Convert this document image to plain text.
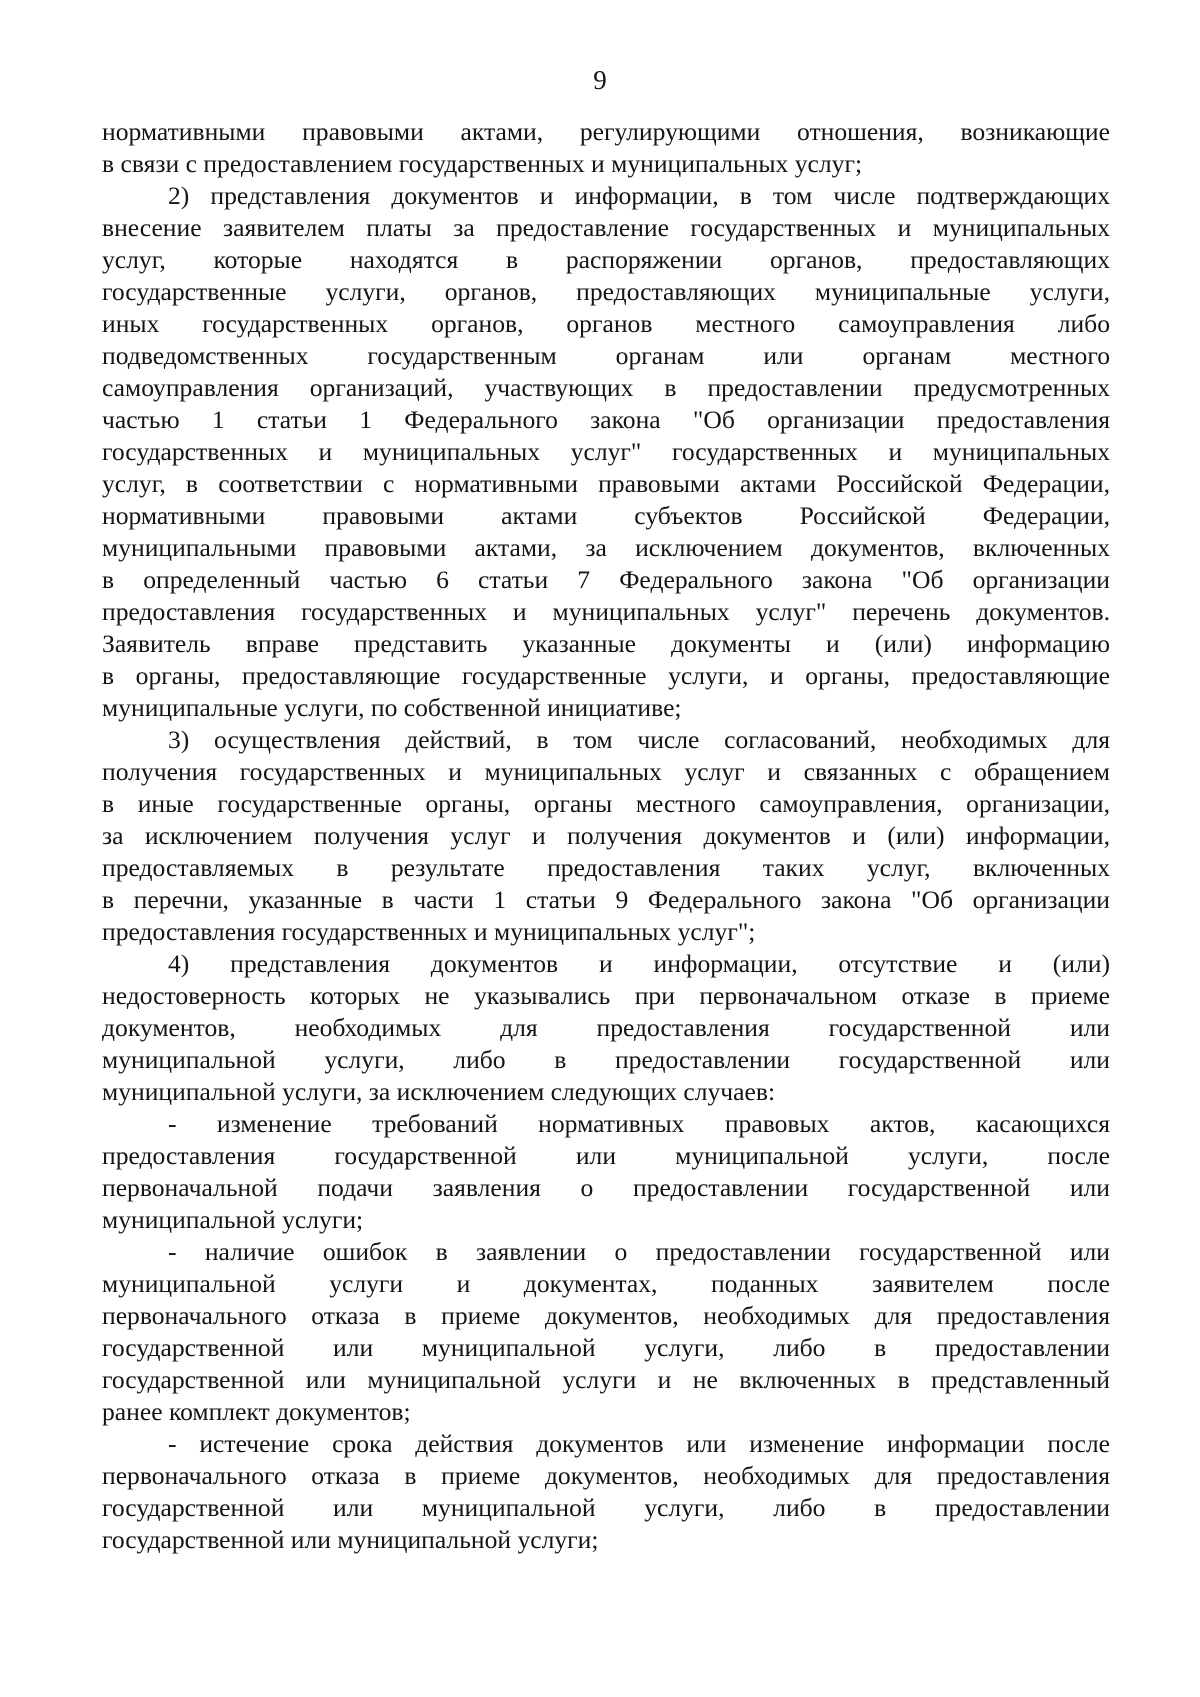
9
нормативными правовыми актами, регулирующими отношения, возникающие
в связи с предоставлением государственных и муниципальных услуг;
2) представления документов и информации, в том числе подтверждающих
внесение заявителем платы за предоставление государственных и муниципальных
услуг, которые находятся в распоряжении органов, предоставляющих
государственные услуги, органов, предоставляющих муниципальные услуги,
иных государственных органов, органов местного самоуправления либо
подведомственных государственным органам или органам местного
самоуправления организаций, участвующих в предоставлении предусмотренных
частью 1 статьи 1 Федерального закона "Об организации предоставления
государственных и муниципальных услуг" государственных и муниципальных
услуг, в соответствии с нормативными правовыми актами Российской Федерации,
нормативными правовыми актами субъектов Российской Федерации,
муниципальными правовыми актами, за исключением документов, включенных
в определенный частью 6 статьи 7 Федерального закона "Об организации
предоставления государственных и муниципальных услуг" перечень документов.
Заявитель вправе представить указанные документы и (или) информацию
в органы, предоставляющие государственные услуги, и органы, предоставляющие
муниципальные услуги, по собственной инициативе;
3) осуществления действий, в том числе согласований, необходимых для
получения государственных и муниципальных услуг и связанных с обращением
в иные государственные органы, органы местного самоуправления, организации,
за исключением получения услуг и получения документов и (или) информации,
предоставляемых в результате предоставления таких услуг, включенных
в перечни, указанные в части 1 статьи 9 Федерального закона "Об организации
предоставления государственных и муниципальных услуг";
4) представления документов и информации, отсутствие и (или)
недостоверность которых не указывались при первоначальном отказе в приеме
документов, необходимых для предоставления государственной или
муниципальной услуги, либо в предоставлении государственной или
муниципальной услуги, за исключением следующих случаев:
- изменение требований нормативных правовых актов, касающихся
предоставления государственной или муниципальной услуги, после
первоначальной подачи заявления о предоставлении государственной или
муниципальной услуги;
- наличие ошибок в заявлении о предоставлении государственной или
муниципальной услуги и документах, поданных заявителем после
первоначального отказа в приеме документов, необходимых для предоставления
государственной или муниципальной услуги, либо в предоставлении
государственной или муниципальной услуги и не включенных в представленный
ранее комплект документов;
- истечение срока действия документов или изменение информации после
первоначального отказа в приеме документов, необходимых для предоставления
государственной или муниципальной услуги, либо в предоставлении
государственной или муниципальной услуги;
